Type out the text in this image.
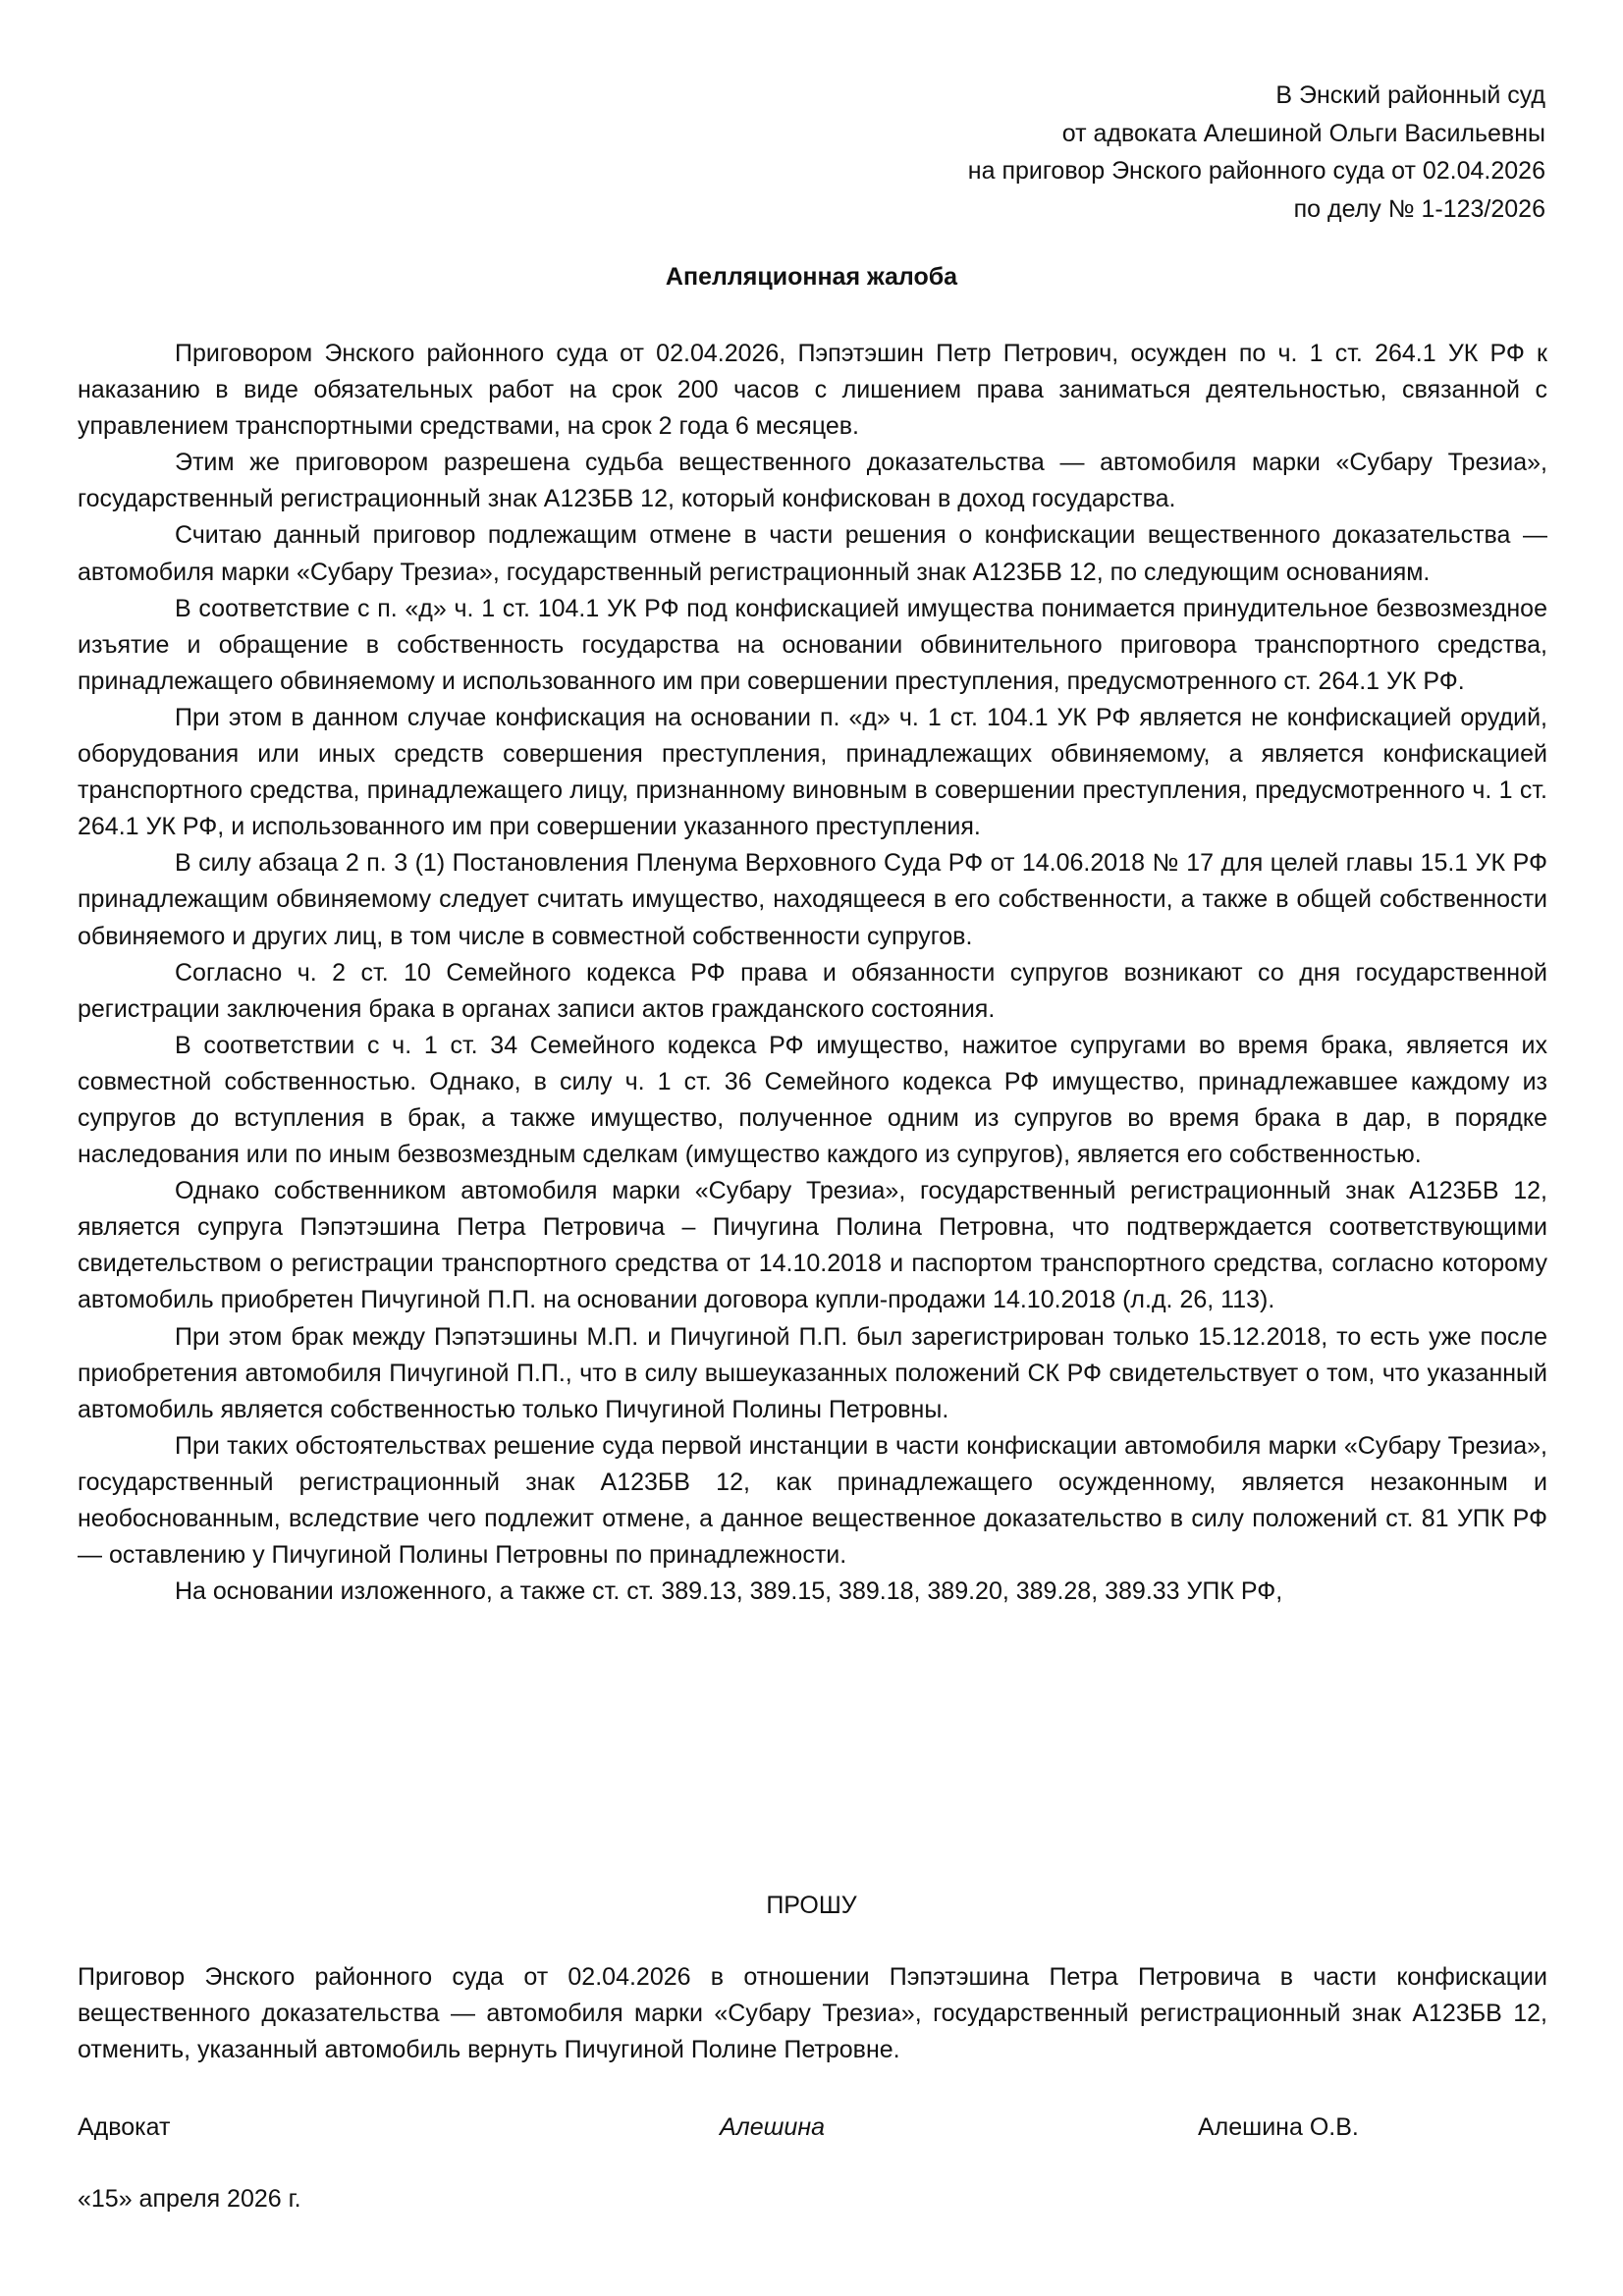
В Энский районный суд
от адвоката Алешиной Ольги Васильевны
на приговор Энского районного суда от 02.04.2026
по делу № 1-123/2026
Апелляционная жалоба

Приговором Энского районного суда от 02.04.2026, Пэпэтэшин Петр Петрович, осужден по ч. 1 ст. 264.1 УК РФ к наказанию в виде обязательных работ на срок 200 часов с лишением права заниматься деятельностью, связанной с управлением транспортными средствами, на срок 2 года 6 месяцев.

Этим же приговором разрешена судьба вещественного доказательства — автомобиля марки «Субару Трезиа», государственный регистрационный знак А123БВ 12, который конфискован в доход государства.

Считаю данный приговор подлежащим отмене в части решения о конфискации вещественного доказательства — автомобиля марки «Субару Трезиа», государственный регистрационный знак А123БВ 12, по следующим основаниям.

В соответствие с п. «д» ч. 1 ст. 104.1 УК РФ под конфискацией имущества понимается принудительное безвозмездное изъятие и обращение в собственность государства на основании обвинительного приговора транспортного средства, принадлежащего обвиняемому и использованного им при совершении преступления, предусмотренного ст. 264.1 УК РФ.

При этом в данном случае конфискация на основании п. «д» ч. 1 ст. 104.1 УК РФ является не конфискацией орудий, оборудования или иных средств совершения преступления, принадлежащих обвиняемому, а является конфискацией транспортного средства, принадлежащего лицу, признанному виновным в совершении преступления, предусмотренного ч. 1 ст. 264.1 УК РФ, и использованного им при совершении указанного преступления.

В силу абзаца 2 п. 3 (1) Постановления Пленума Верховного Суда РФ от 14.06.2018 № 17 для целей главы 15.1 УК РФ принадлежащим обвиняемому следует считать имущество, находящееся в его собственности, а также в общей собственности обвиняемого и других лиц, в том числе в совместной собственности супругов.

Согласно ч. 2 ст. 10 Семейного кодекса РФ права и обязанности супругов возникают со дня государственной регистрации заключения брака в органах записи актов гражданского состояния.

В соответствии с ч. 1 ст. 34 Семейного кодекса РФ имущество, нажитое супругами во время брака, является их совместной собственностью. Однако, в силу ч. 1 ст. 36 Семейного кодекса РФ имущество, принадлежавшее каждому из супругов до вступления в брак, а также имущество, полученное одним из супругов во время брака в дар, в порядке наследования или по иным безвозмездным сделкам (имущество каждого из супругов), является его собственностью.

Однако собственником автомобиля марки «Субару Трезиа», государственный регистрационный знак А123БВ 12, является супруга Пэпэтэшина Петра Петровича – Пичугина Полина Петровна, что подтверждается соответствующими свидетельством о регистрации транспортного средства от 14.10.2018 и паспортом транспортного средства, согласно которому автомобиль приобретен Пичугиной П.П. на основании договора купли-продажи 14.10.2018 (л.д. 26, 113).

При этом брак между Пэпэтэшины М.П. и Пичугиной П.П. был зарегистрирован только 15.12.2018, то есть уже после приобретения автомобиля Пичугиной П.П., что в силу вышеуказанных положений СК РФ свидетельствует о том, что указанный автомобиль является собственностью только Пичугиной Полины Петровны.

При таких обстоятельствах решение суда первой инстанции в части конфискации автомобиля марки «Субару Трезиа», государственный регистрационный знак А123БВ 12, как принадлежащего осужденному, является незаконным и необоснованным, вследствие чего подлежит отмене, а данное вещественное доказательство в силу положений ст. 81 УПК РФ — оставлению у Пичугиной Полины Петровны по принадлежности.

На основании изложенного, а также ст. ст. 389.13, 389.15, 389.18, 389.20, 389.28, 389.33 УПК РФ,

ПРОШУ

Приговор Энского районного суда от 02.04.2026 в отношении Пэпэтэшина Петра Петровича в части конфискации вещественного доказательства — автомобиля марки «Субару Трезиа», государственный регистрационный знак А123БВ 12, отменить, указанный автомобиль вернуть Пичугиной Полине Петровне.

Адвокат	Алешина	Алешина О.В.
«15» апреля 2026 г.
